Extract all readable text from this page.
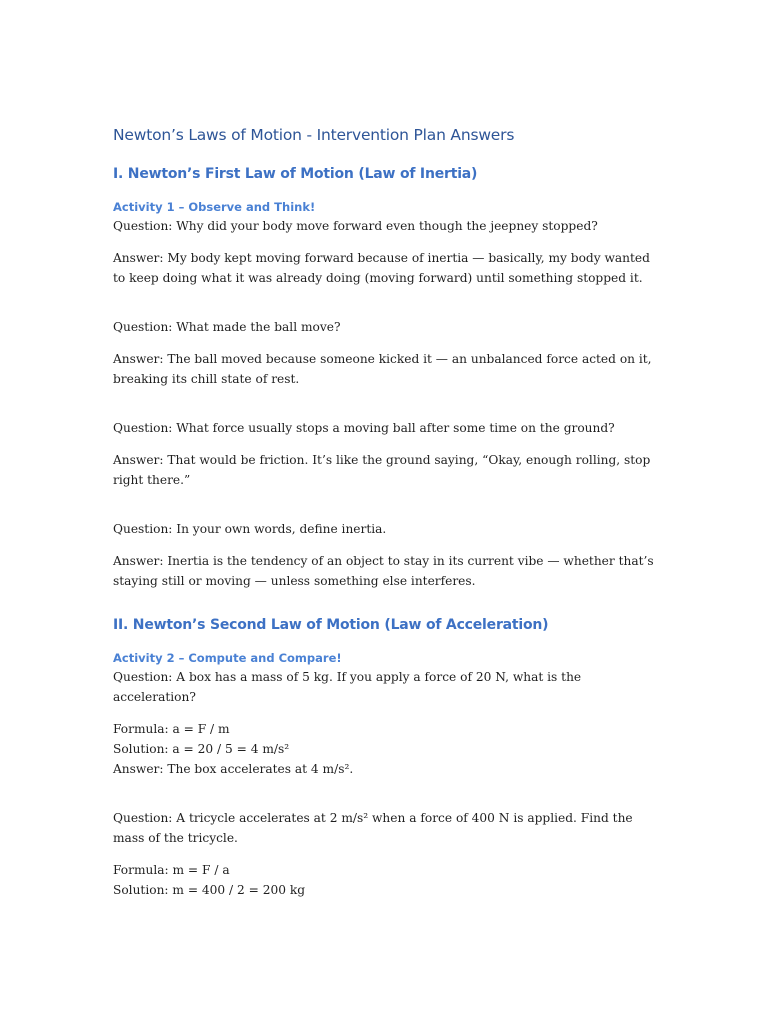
Newton’s Laws of Motion - Intervention Plan Answers
I. Newton’s First Law of Motion (Law of Inertia)
Activity 1 – Observe and Think!

Question: Why did your body move forward even though the jeepney stopped?

Answer: My body kept moving forward because of inertia — basically, my body wanted to keep doing what it was already doing (moving forward) until something stopped it.

Question: What made the ball move?

Answer: The ball moved because someone kicked it — an unbalanced force acted on it, breaking its chill state of rest.

Question: What force usually stops a moving ball after some time on the ground?

Answer: That would be friction. It’s like the ground saying, “Okay, enough rolling, stop right there.”

Question: In your own words, define inertia.

Answer: Inertia is the tendency of an object to stay in its current vibe — whether that’s staying still or moving — unless something else interferes.

II. Newton’s Second Law of Motion (Law of Acceleration)
Activity 2 – Compute and Compare!

Question: A box has a mass of 5 kg. If you apply a force of 20 N, what is the acceleration?

Formula: a = F / m

Solution: a = 20 / 5 = 4 m/s²

Answer: The box accelerates at 4 m/s².

Question: A tricycle accelerates at 2 m/s² when a force of 400 N is applied. Find the mass of the tricycle.

Formula: m = F / a

Solution: m = 400 / 2 = 200 kg
